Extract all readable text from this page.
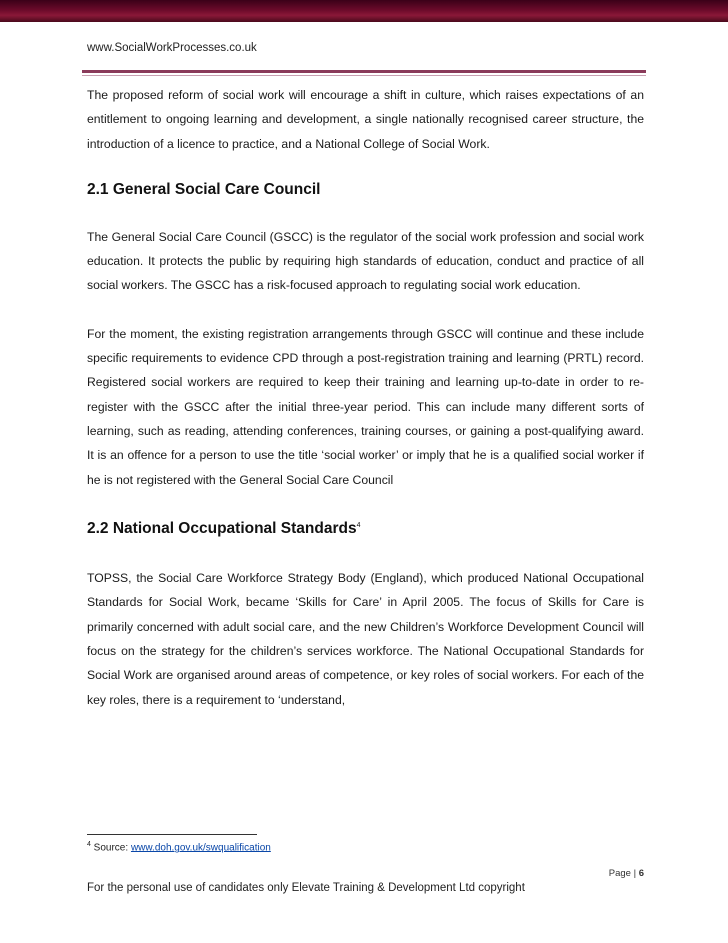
www.SocialWorkProcesses.co.uk

The proposed reform of social work will encourage a shift in culture, which raises expectations of an entitlement to ongoing learning and development, a single nationally recognised career structure, the introduction of a licence to practice, and a National College of Social Work.

2.1 General Social Care Council

The General Social Care Council (GSCC) is the regulator of the social work profession and social work education. It protects the public by requiring high standards of education, conduct and practice of all social workers. The GSCC has a risk-focused approach to regulating social work education.

For the moment, the existing registration arrangements through GSCC will continue and these include specific requirements to evidence CPD through a post-registration training and learning (PRTL) record. Registered social workers are required to keep their training and learning up-to-date in order to re-register with the GSCC after the initial three-year period. This can include many different sorts of learning, such as reading, attending conferences, training courses, or gaining a post-qualifying award. It is an offence for a person to use the title ‘social worker’ or imply that he is a qualified social worker if he is not registered with the General Social Care Council

2.2 National Occupational Standards$^4$

TOPSS, the Social Care Workforce Strategy Body (England), which produced National Occupational Standards for Social Work, became ‘Skills for Care’ in April 2005. The focus of Skills for Care is primarily concerned with adult social care, and the new Children’s Workforce Development Council will focus on the strategy for the children’s services workforce. The National Occupational Standards for Social Work are organised around areas of competence, or key roles of social workers. For each of the key roles, there is a requirement to ‘understand,

$^4$ Source: www.doh.gov.uk/swqualification
Page | 6
For the personal use of candidates only Elevate Training & Development Ltd copyright
